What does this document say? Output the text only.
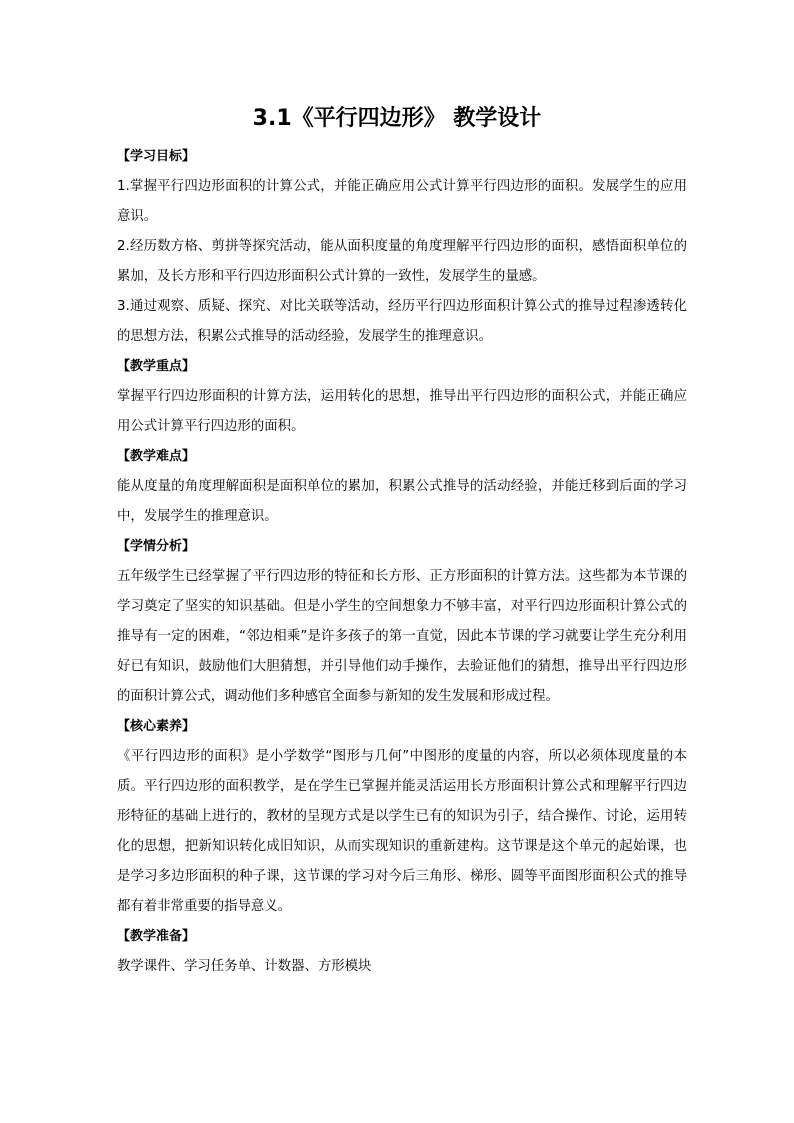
3.1《平行四边形》 教学设计

【学习目标】

1.掌握平行四边形面积的计算公式，并能正确应用公式计算平行四边形的面积。发展学生的应用意识。

2.经历数方格、剪拼等探究活动，能从面积度量的角度理解平行四边形的面积，感悟面积单位的累加，及长方形和平行四边形面积公式计算的一致性，发展学生的量感。

3.通过观察、质疑、探究、对比关联等活动，经历平行四边形面积计算公式的推导过程渗透转化的思想方法，积累公式推导的活动经验，发展学生的推理意识。

【教学重点】

掌握平行四边形面积的计算方法，运用转化的思想，推导出平行四边形的面积公式，并能正确应用公式计算平行四边形的面积。

【教学难点】

能从度量的角度理解面积是面积单位的累加，积累公式推导的活动经验，并能迁移到后面的学习中，发展学生的推理意识。

【学情分析】

五年级学生已经掌握了平行四边形的特征和长方形、正方形面积的计算方法。这些都为本节课的学习奠定了坚实的知识基础。但是小学生的空间想象力不够丰富，对平行四边形面积计算公式的推导有一定的困难，“邻边相乘”是许多孩子的第一直觉，因此本节课的学习就要让学生充分利用好已有知识，鼓励他们大胆猜想，并引导他们动手操作，去验证他们的猜想，推导出平行四边形的面积计算公式，调动他们多种感官全面参与新知的发生发展和形成过程。

【核心素养】

《平行四边形的面积》是小学数学“图形与几何”中图形的度量的内容，所以必须体现度量的本质。平行四边形的面积教学，是在学生已掌握并能灵活运用长方形面积计算公式和理解平行四边形特征的基础上进行的，教材的呈现方式是以学生已有的知识为引子，结合操作、讨论，运用转化的思想，把新知识转化成旧知识，从而实现知识的重新建构。这节课是这个单元的起始课，也是学习多边形面积的种子课，这节课的学习对今后三角形、梯形、圆等平面图形面积公式的推导都有着非常重要的指导意义。

【教学准备】

教学课件、学习任务单、计数器、方形模块
